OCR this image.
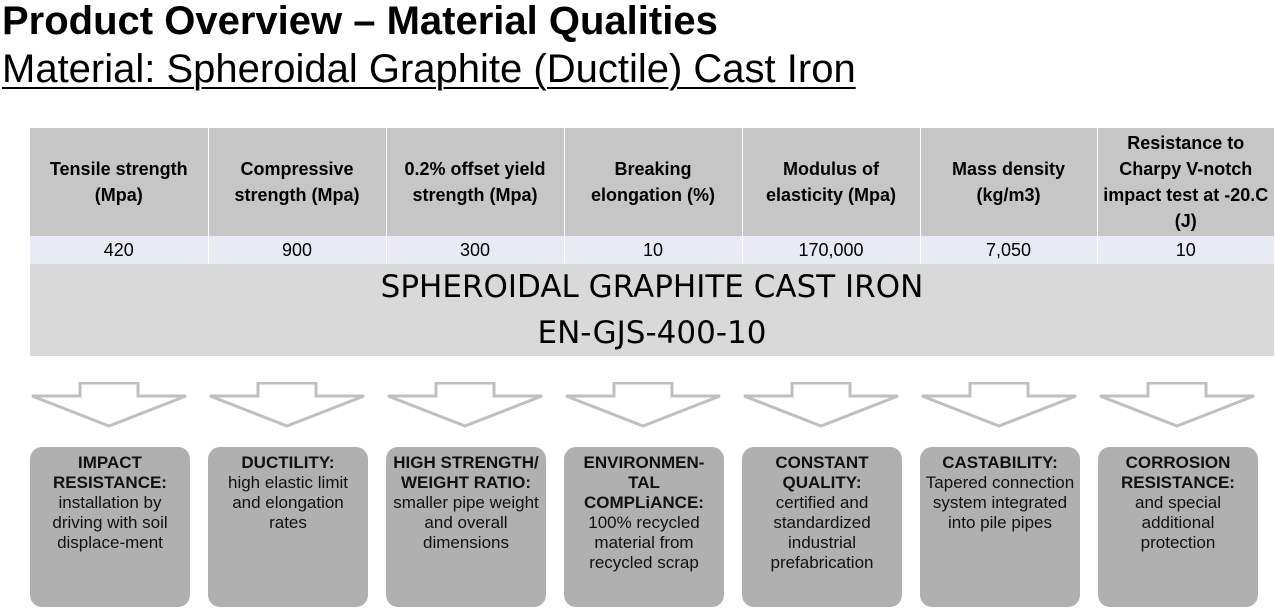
Product Overview – Material Qualities
Material: Spheroidal Graphite (Ductile) Cast Iron
Tensile strength (Mpa)	Compressive strength (Mpa)	0.2% offset yield strength (Mpa)	Breaking elongation (%)	Modulus of elasticity (Mpa)	Mass density (kg/m3)	Resistance to Charpy V-notch impact test at -20.C (J)
420	900	300	10	170,000	7,050	10
SPHEROIDAL GRAPHITE CAST IRON
EN-GJS-400-10
IMPACT RESISTANCE:
installation by driving with soil displace-ment
DUCTILITY:
high elastic limit and elongation rates
HIGH STRENGTH/ WEIGHT RATIO:
smaller pipe weight and overall dimensions
ENVIRONMEN-TAL COMPLiANCE:
100% recycled material from recycled scrap
CONSTANT QUALITY:
certified and standardized industrial prefabrication
CASTABILITY:
Tapered connection system integrated into pile pipes
CORROSION RESISTANCE:
and special additional protection
